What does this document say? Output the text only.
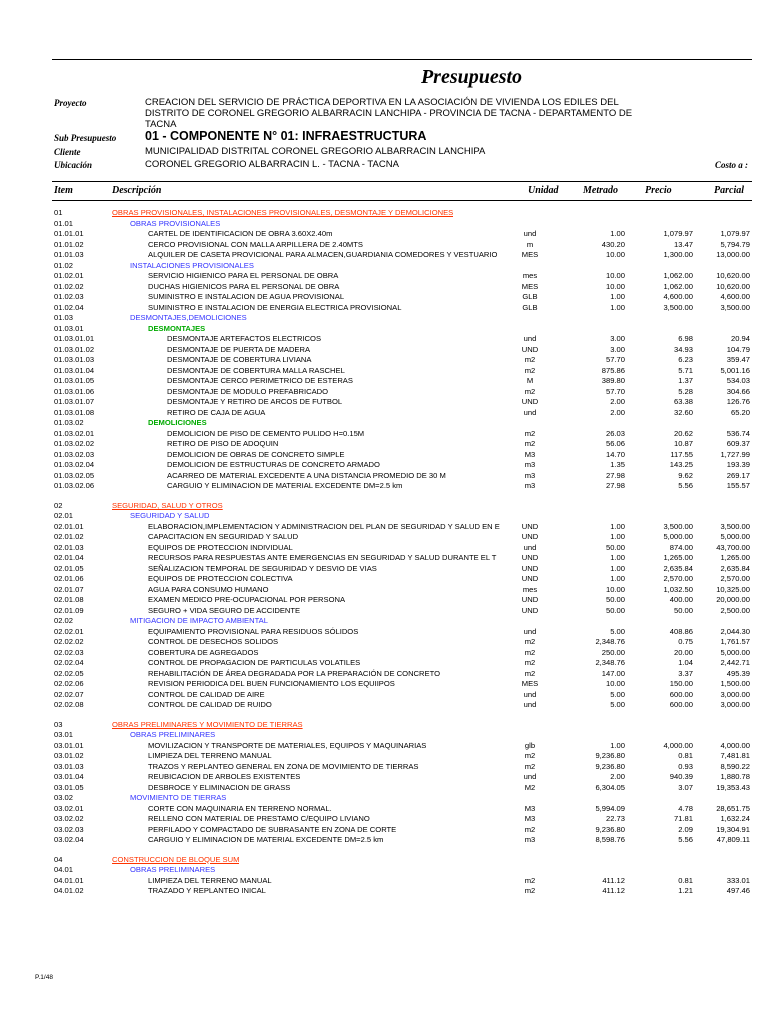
Presupuesto
Proyecto	CREACION DEL SERVICIO DE PRÁCTICA DEPORTIVA EN LA ASOCIACIÓN DE VIVIENDA LOS EDILES DEL DISTRITO DE CORONEL GREGORIO ALBARRACIN LANCHIPA - PROVINCIA DE TACNA - DEPARTAMENTO DE TACNA
Sub Presupuesto 01 - COMPONENTE N° 01: INFRAESTRUCTURA
Cliente	MUNICIPALIDAD DISTRITAL CORONEL GREGORIO ALBARRACIN LANCHIPA
Ubicación	CORONEL GREGORIO ALBARRACIN L. - TACNA - TACNA	Costo a :
Item	Descripción	Unidad Metrado	Precio	Parcial
01	OBRAS PROVISIONALES, INSTALACIONES PROVISIONALES, DESMONTAJE Y DEMOLICIONES
01.01	OBRAS PROVISIONALES
01.01.01	CARTEL DE IDENTIFICACION DE OBRA 3.60X2.40m	und	1.00	1,079.97	1,079.97
01.01.02	CERCO PROVISIONAL CON MALLA ARPILLERA DE 2.40MTS	m	430.20	13.47	5,794.79
01.01.03	ALQUILER DE CASETA PROVICIONAL PARA ALMACEN,GUARDIANIA COMEDORES Y VESTUARIO	MES	10.00	1,300.00	13,000.00
01.02	INSTALACIONES PROVISIONALES
01.02.01	SERVICIO HIGIENICO PARA EL PERSONAL DE OBRA	mes	10.00	1,062.00	10,620.00
01.02.02	DUCHAS HIGIENICOS PARA EL PERSONAL DE OBRA	MES	10.00	1,062.00	10,620.00
01.02.03	SUMINISTRO E INSTALACION DE AGUA PROVISIONAL	GLB	1.00	4,600.00	4,600.00
01.02.04	SUMINISTRO E INSTALACION DE ENERGIA ELECTRICA PROVISIONAL	GLB	1.00	3,500.00	3,500.00
01.03	DESMONTAJES,DEMOLICIONES
01.03.01	DESMONTAJES
01.03.01.01	DESMONTAJE ARTEFACTOS ELECTRICOS	und	3.00	6.98	20.94
01.03.01.02	DESMONTAJE DE PUERTA DE MADERA	UND	3.00	34.93	104.79
01.03.01.03	DESMONTAJE DE COBERTURA LIVIANA	m2	57.70	6.23	359.47
01.03.01.04	DESMONTAJE DE COBERTURA MALLA RASCHEL	m2	875.86	5.71	5,001.16
01.03.01.05	DESMONTAJE CERCO PERIMETRICO DE ESTERAS	M	389.80	1.37	534.03
01.03.01.06	DESMONTAJE DE MODULO PREFABRICADO	m2	57.70	5.28	304.66
01.03.01.07	DESMONTAJE Y RETIRO DE ARCOS DE FUTBOL	UND	2.00	63.38	126.76
01.03.01.08	RETIRO DE CAJA DE AGUA	und	2.00	32.60	65.20
01.03.02	DEMOLICIONES
01.03.02.01	DEMOLICION DE PISO DE CEMENTO PULIDO H=0.15M	m2	26.03	20.62	536.74
01.03.02.02	RETIRO DE PISO DE ADOQUIN	m2	56.06	10.87	609.37
01.03.02.03	DEMOLICION DE OBRAS DE CONCRETO SIMPLE	M3	14.70	117.55	1,727.99
01.03.02.04	DEMOLICION DE ESTRUCTURAS DE CONCRETO ARMADO	m3	1.35	143.25	193.39
01.03.02.05	ACARREO DE MATERIAL EXCEDENTE A UNA DISTANCIA PROMEDIO DE 30 M	m3	27.98	9.62	269.17
01.03.02.06	CARGUIO Y ELIMINACION DE MATERIAL EXCEDENTE DM=2.5 km	m3	27.98	5.56	155.57
02	SEGURIDAD, SALUD Y OTROS
02.01	SEGURIDAD Y SALUD
02.01.01	ELABORACION,IMPLEMENTACION Y ADMINISTRACION DEL PLAN DE SEGURIDAD Y SALUD EN E	UND	1.00	3,500.00	3,500.00
02.01.02	CAPACITACION EN SEGURIDAD Y SALUD	UND	1.00	5,000.00	5,000.00
02.01.03	EQUIPOS DE PROTECCION INDIVIDUAL	und	50.00	874.00	43,700.00
02.01.04	RECURSOS PARA RESPUESTAS ANTE EMERGENCIAS EN SEGURIDAD Y SALUD DURANTE EL T	UND	1.00	1,265.00	1,265.00
02.01.05	SEÑALIZACION TEMPORAL DE SEGURIDAD Y DESVIO DE VIAS	UND	1.00	2,635.84	2,635.84
02.01.06	EQUIPOS DE PROTECCION COLECTIVA	UND	1.00	2,570.00	2,570.00
02.01.07	AGUA PARA CONSUMO HUMANO	mes	10.00	1,032.50	10,325.00
02.01.08	EXAMEN MEDICO PRE-OCUPACIONAL POR PERSONA	UND	50.00	400.00	20,000.00
02.01.09	SEGURO + VIDA SEGURO DE ACCIDENTE	UND	50.00	50.00	2,500.00
02.02	MITIGACION DE IMPACTO AMBIENTAL
02.02.01	EQUIPAMIENTO PROVISIONAL PARA RESIDUOS SÓLIDOS	und	5.00	408.86	2,044.30
02.02.02	CONTROL DE DESECHOS SOLIDOS	m2	2,348.76	0.75	1,761.57
02.02.03	COBERTURA DE AGREGADOS	m2	250.00	20.00	5,000.00
02.02.04	CONTROL DE PROPAGACION DE PARTICULAS VOLATILES	m2	2,348.76	1.04	2,442.71
02.02.05	REHABILITACIÓN DE ÁREA DEGRADADA POR LA PREPARACIÓN DE CONCRETO	m2	147.00	3.37	495.39
02.02.06	REVISION PERIODICA DEL BUEN FUNCIONAMIENTO LOS EQUIIPOS	MES	10.00	150.00	1,500.00
02.02.07	CONTROL DE CALIDAD DE AIRE	und	5.00	600.00	3,000.00
02.02.08	CONTROL DE CALIDAD DE RUIDO	und	5.00	600.00	3,000.00
03	OBRAS PRELIMINARES Y MOVIMIENTO DE TIERRAS
03.01	OBRAS PRELIMINARES
03.01.01	MOVILIZACION Y TRANSPORTE DE MATERIALES, EQUIPOS Y MAQUINARIAS	glb	1.00	4,000.00	4,000.00
03.01.02	LIMPIEZA DEL TERRENO MANUAL	m2	9,236.80	0.81	7,481.81
03.01.03	TRAZOS Y REPLANTEO GENERAL EN ZONA DE MOVIMIENTO DE TIERRAS	m2	9,236.80	0.93	8,590.22
03.01.04	REUBICACION DE ARBOLES EXISTENTES	und	2.00	940.39	1,880.78
03.01.05	DESBROCE Y ELIMINACION DE GRASS	M2	6,304.05	3.07	19,353.43
03.02	MOVIMIENTO DE TIERRAS
03.02.01	CORTE CON MAQUINARIA EN TERRENO NORMAL.	M3	5,994.09	4.78	28,651.75
03.02.02	RELLENO CON MATERIAL DE PRESTAMO C/EQUIPO LIVIANO	M3	22.73	71.81	1,632.24
03.02.03	PERFILADO Y COMPACTADO DE SUBRASANTE EN ZONA DE CORTE	m2	9,236.80	2.09	19,304.91
03.02.04	CARGUIO Y ELIMINACION DE MATERIAL EXCEDENTE DM=2.5 km	m3	8,598.76	5.56	47,809.11
04	CONSTRUCCION DE BLOQUE SUM
04.01	OBRAS PRELIMINARES
04.01.01	LIMPIEZA DEL TERRENO MANUAL	m2	411.12	0.81	333.01
04.01.02	TRAZADO Y REPLANTEO INICAL	m2	411.12	1.21	497.46
P.1/48
